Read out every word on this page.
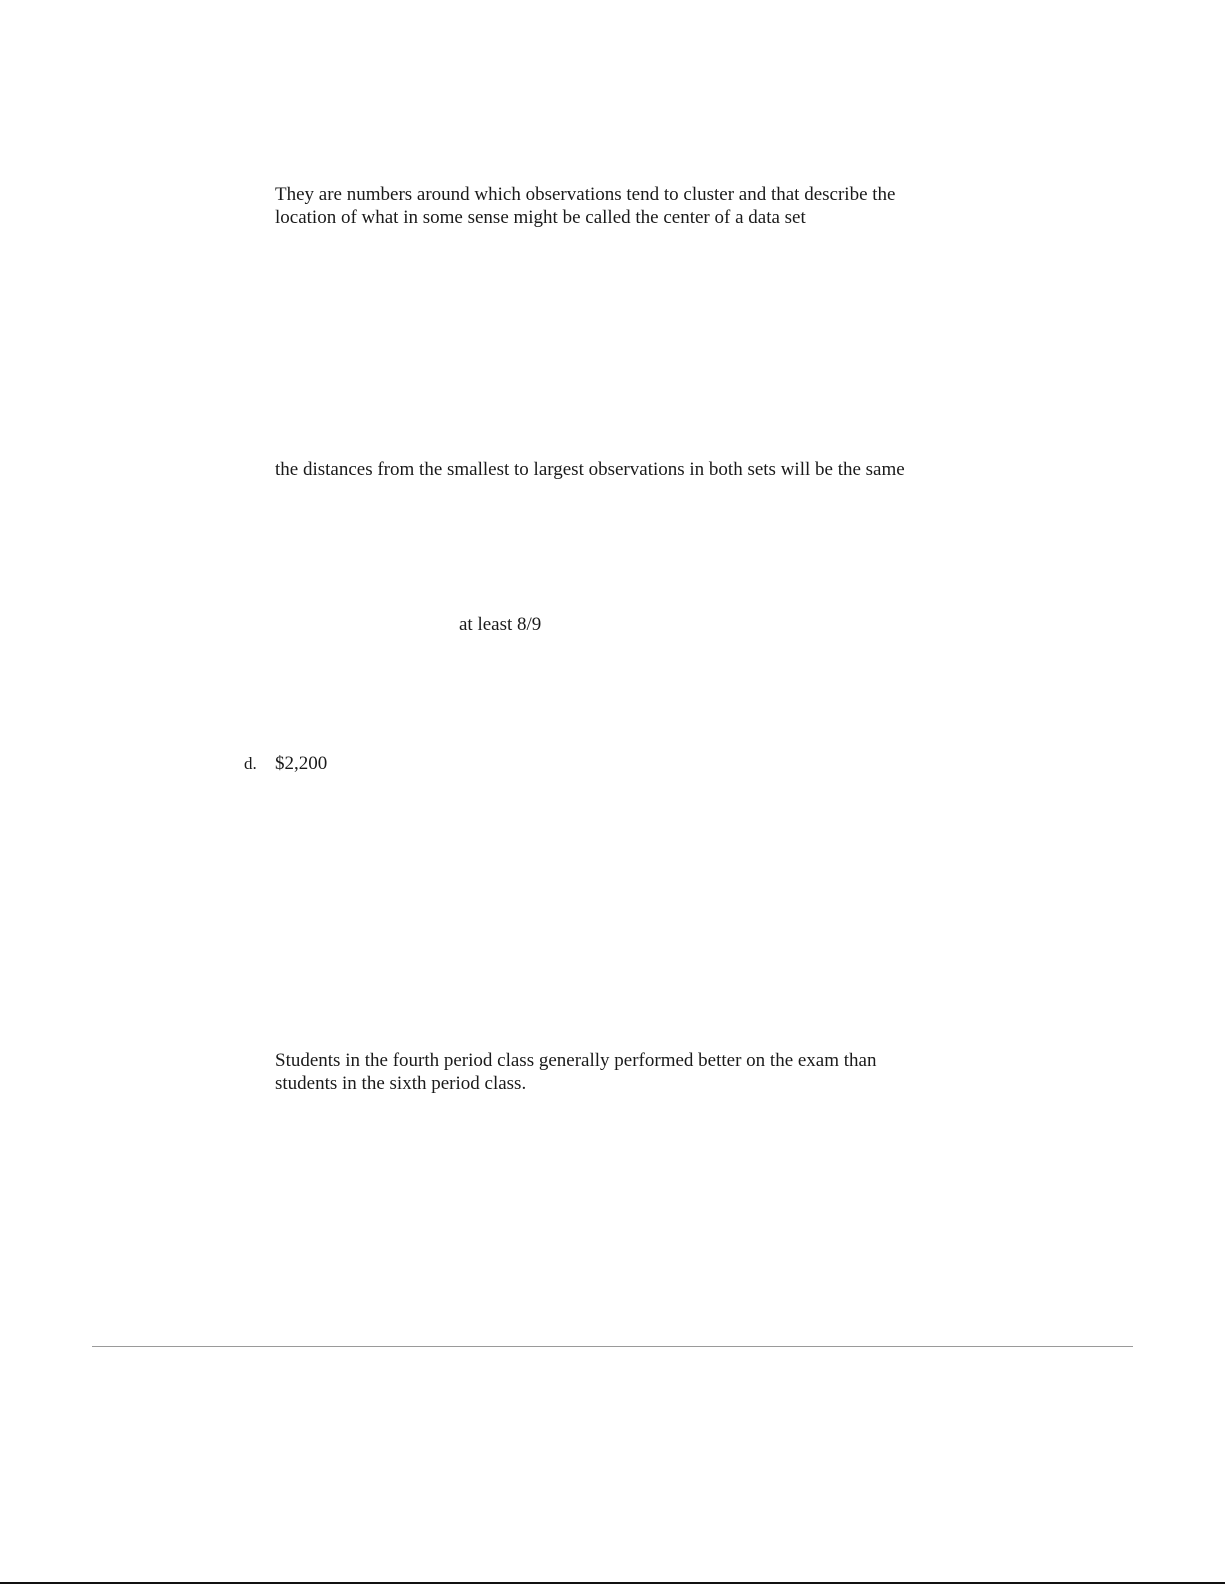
They are numbers around which observations tend to cluster and that describe the
location of what in some sense might be called the center of a data set
the distances from the smallest to largest observations in both sets will be the same
at least 8/9
d. $2,200
Students in the fourth period class generally performed better on the exam than
students in the sixth period class.
